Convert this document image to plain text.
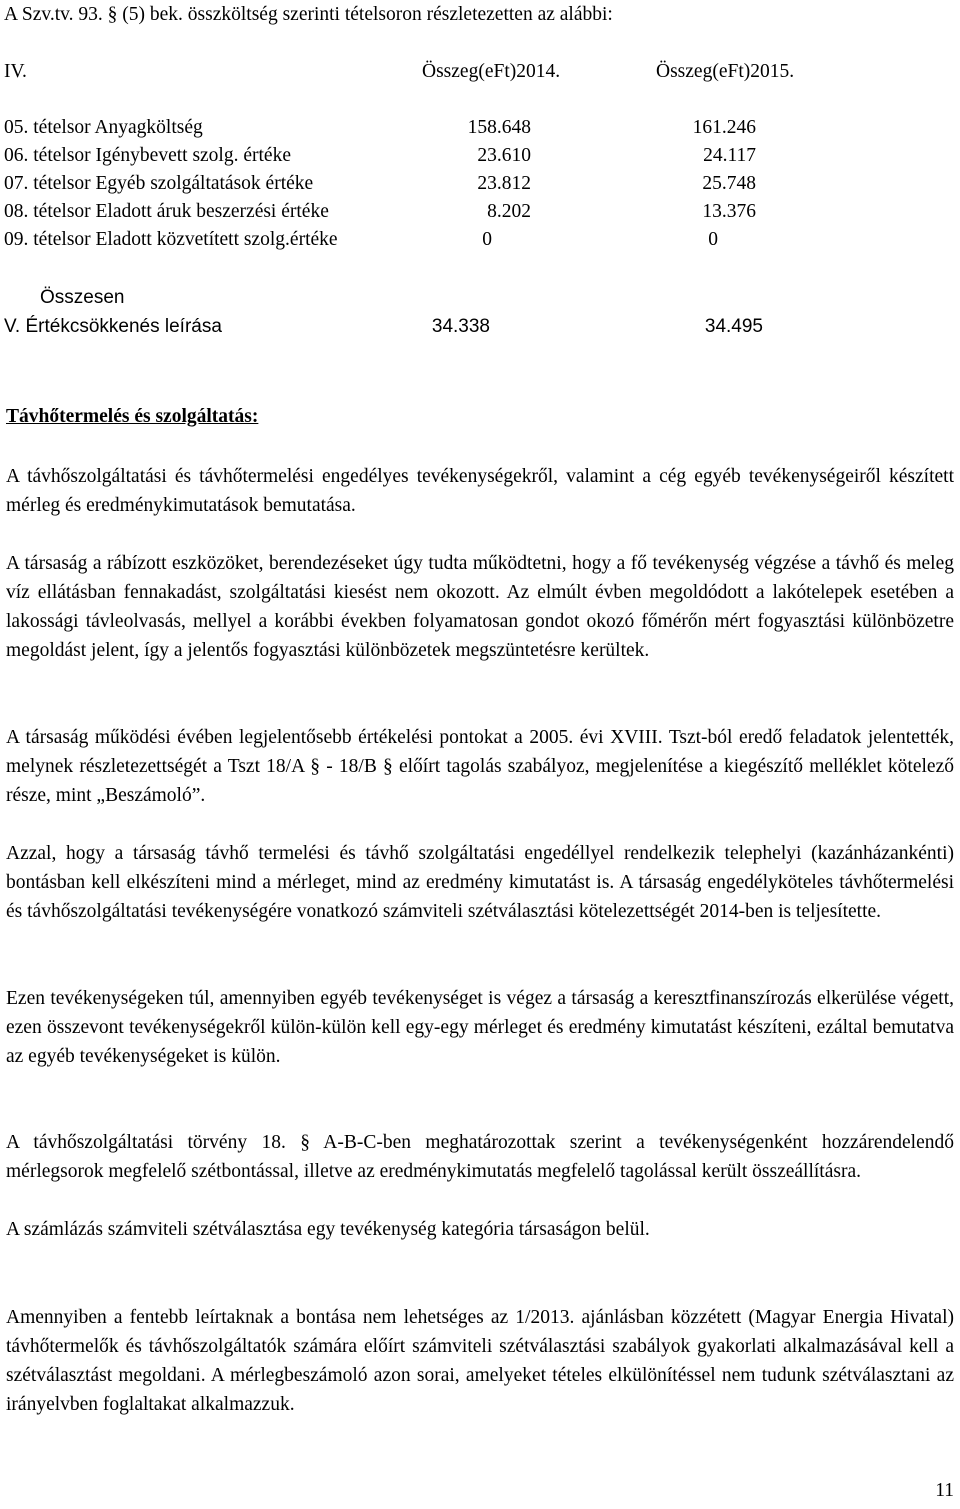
A Szv.tv. 93. § (5) bek. összköltség szerinti tételsoron részletezetten az alábbi:
IV.	Összeg(eFt)2014.	Összeg(eFt)2015.
05. tételsor Anyagköltség	158.648	161.246
06. tételsor Igénybevett szolg. értéke	23.610	24.117
07. tételsor Egyéb szolgáltatások értéke	23.812	25.748
08. tételsor Eladott áruk beszerzési értéke	8.202	13.376
09. tételsor Eladott közvetített szolg.értéke	0	0
Összesen
V. Értékcsökkenés leírása	34.338	34.495
Távhőtermelés és szolgáltatás:
A távhőszolgáltatási és távhőtermelési engedélyes tevékenységekről, valamint a cég egyéb tevékenységeiről készített mérleg és eredménykimutatások bemutatása.
A társaság a rábízott eszközöket, berendezéseket úgy tudta működtetni, hogy a fő tevékenység végzése a távhő és meleg víz ellátásban fennakadást, szolgáltatási kiesést nem okozott. Az elmúlt évben megoldódott a lakótelepek esetében a lakossági távleolvasás, mellyel a korábbi években folyamatosan gondot okozó főmérőn mért fogyasztási különbözetre megoldást jelent, így a jelentős fogyasztási különbözetek megszüntetésre kerültek.
A társaság működési évében legjelentősebb értékelési pontokat a 2005. évi XVIII. Tszt-ból eredő feladatok jelentették, melynek részletezettségét a Tszt 18/A § - 18/B § előírt tagolás szabályoz, megjelenítése a kiegészítő melléklet kötelező része, mint „Beszámoló”.
Azzal, hogy a társaság távhő termelési és távhő szolgáltatási engedéllyel rendelkezik telephelyi (kazánházankénti) bontásban kell elkészíteni mind a mérleget, mind az eredmény kimutatást is. A társaság engedélyköteles távhőtermelési és távhőszolgáltatási tevékenységére vonatkozó számviteli szétválasztási kötelezettségét 2014-ben is teljesítette.
Ezen tevékenységeken túl, amennyiben egyéb tevékenységet is végez a társaság a keresztfinanszírozás elkerülése végett, ezen összevont tevékenységekről külön-külön kell egy-egy mérleget és eredmény kimutatást készíteni, ezáltal bemutatva az egyéb tevékenységeket is külön.
A távhőszolgáltatási törvény 18. § A-B-C-ben meghatározottak szerint a tevékenységenként hozzárendelendő mérlegsorok megfelelő szétbontással, illetve az eredménykimutatás megfelelő tagolással került összeállításra.
A számlázás számviteli szétválasztása egy tevékenység kategória társaságon belül.
Amennyiben a fentebb leírtaknak a bontása nem lehetséges az 1/2013. ajánlásban közzétett (Magyar Energia Hivatal) távhőtermelők és távhőszolgáltatók számára előírt számviteli szétválasztási szabályok gyakorlati alkalmazásával kell a szétválasztást megoldani. A mérlegbeszámoló azon sorai, amelyeket tételes elkülönítéssel nem tudunk szétválasztani az irányelvben foglaltakat alkalmazzuk.
11
